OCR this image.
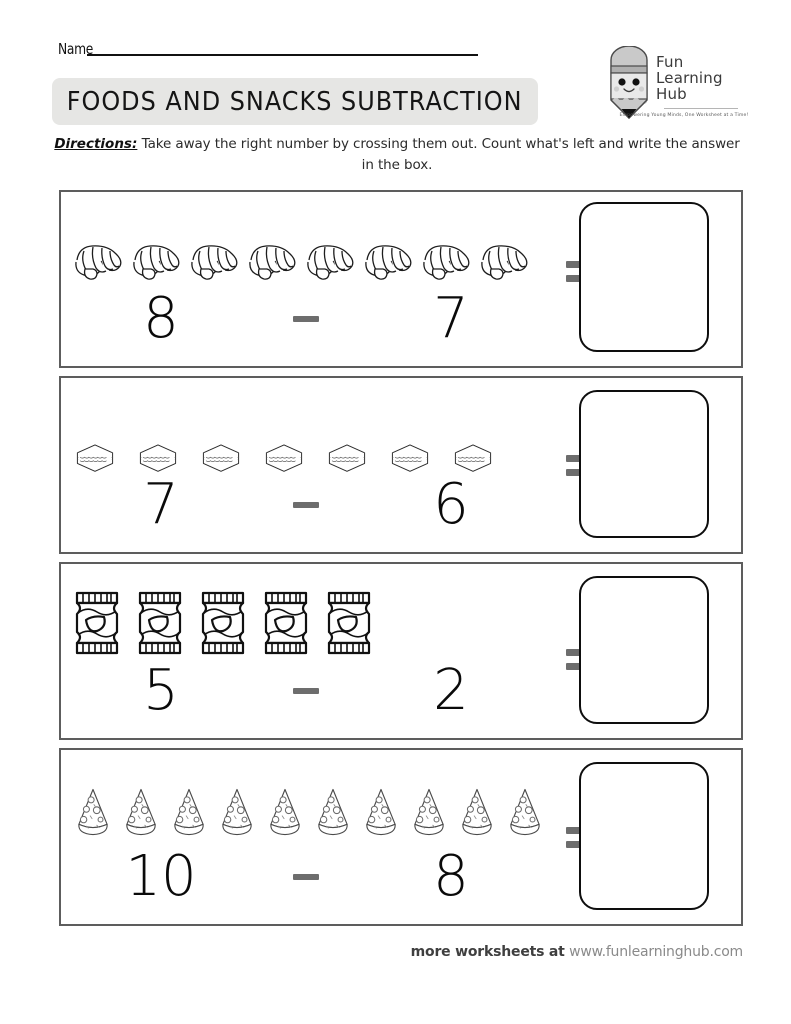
Name
FOODS AND SNACKS SUBTRACTION
Fun
Learning
Hub
Empowering Young Minds, One Worksheet at a Time!
Directions: Take away the right number by crossing them out. Count what's left and write the answer in the box.
8	7
7	6
5	2
10	8
more worksheets at www.funlearninghub.com
